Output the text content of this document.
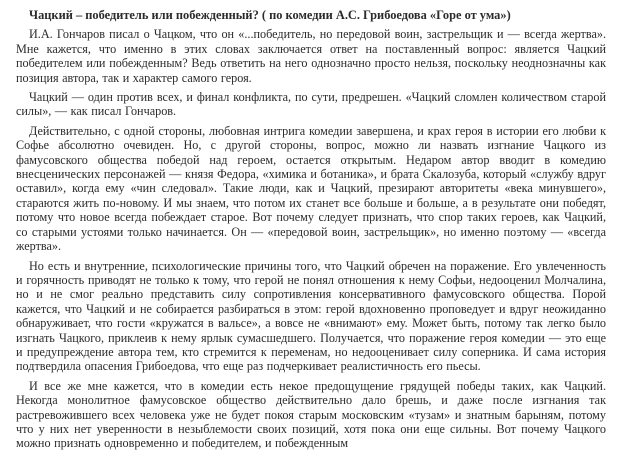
Чацкий – победитель или побежденный? ( по комедии А.С. Грибоедова «Горе от ума»)

И.А. Гончаров писал о Чацком, что он «...победитель, но передовой воин, застрельщик и — всегда жертва». Мне кажется, что именно в этих словах заключается ответ на поставленный вопрос: является Чацкий победителем или побежденным? Ведь ответить на него однозначно просто нельзя, поскольку неоднозначны как позиция автора, так и характер самого героя.

Чацкий — один против всех, и финал конфликта, по сути, предрешен. «Чацкий сломлен количеством старой силы», — как писал Гончаров.

Действительно, с одной стороны, любовная интрига комедии завершена, и крах героя в истории его любви к Софье абсолютно очевиден. Но, с другой стороны, вопрос, можно ли назвать изгнание Чацкого из фамусовского общества победой над героем, остается открытым. Недаром автор вводит в комедию внесценических персонажей — князя Федора, «химика и ботаника», и брата Скалозуба, который «службу вдруг оставил», когда ему «чин следовал». Такие люди, как и Чацкий, презирают авторитеты «века минувшего», стараются жить по-новому. И мы знаем, что потом их станет все больше и больше, а в результате они победят, потому что новое всегда побеждает старое. Вот почему следует признать, что спор таких героев, как Чацкий, со старыми устоями только начинается. Он — «передовой воин, застрельщик», но именно поэтому — «всегда жертва».

Но есть и внутренние, психологические причины того, что Чацкий обречен на поражение. Его увлеченность и горячность приводят не только к тому, что герой не понял отношения к нему Софьи, недооценил Молчалина, но и не смог реально представить силу сопротивления консервативного фамусовского общества. Порой кажется, что Чацкий и не собирается разбираться в этом: герой вдохновенно проповедует и вдруг неожиданно обнаруживает, что гости «кружатся в вальсе», а вовсе не «внимают» ему. Может быть, потому так легко было изгнать Чацкого, приклеив к нему ярлык сумасшедшего. Получается, что поражение героя комедии — это еще и предупреждение автора тем, кто стремится к переменам, но недооценивает силу соперника. И сама история подтвердила опасения Грибоедова, что еще раз подчеркивает реалистичность его пьесы.

И все же мне кажется, что в комедии есть некое предощущение грядущей победы таких, как Чацкий. Некогда монолитное фамусовское общество действительно дало брешь, и даже после изгнания так растревожившего всех человека уже не будет покоя старым московским «тузам» и знатным барыням, потому что у них нет уверенности в незыблемости своих позиций, хотя пока они еще сильны. Вот почему Чацкого можно признать одновременно и победителем, и побежденным
